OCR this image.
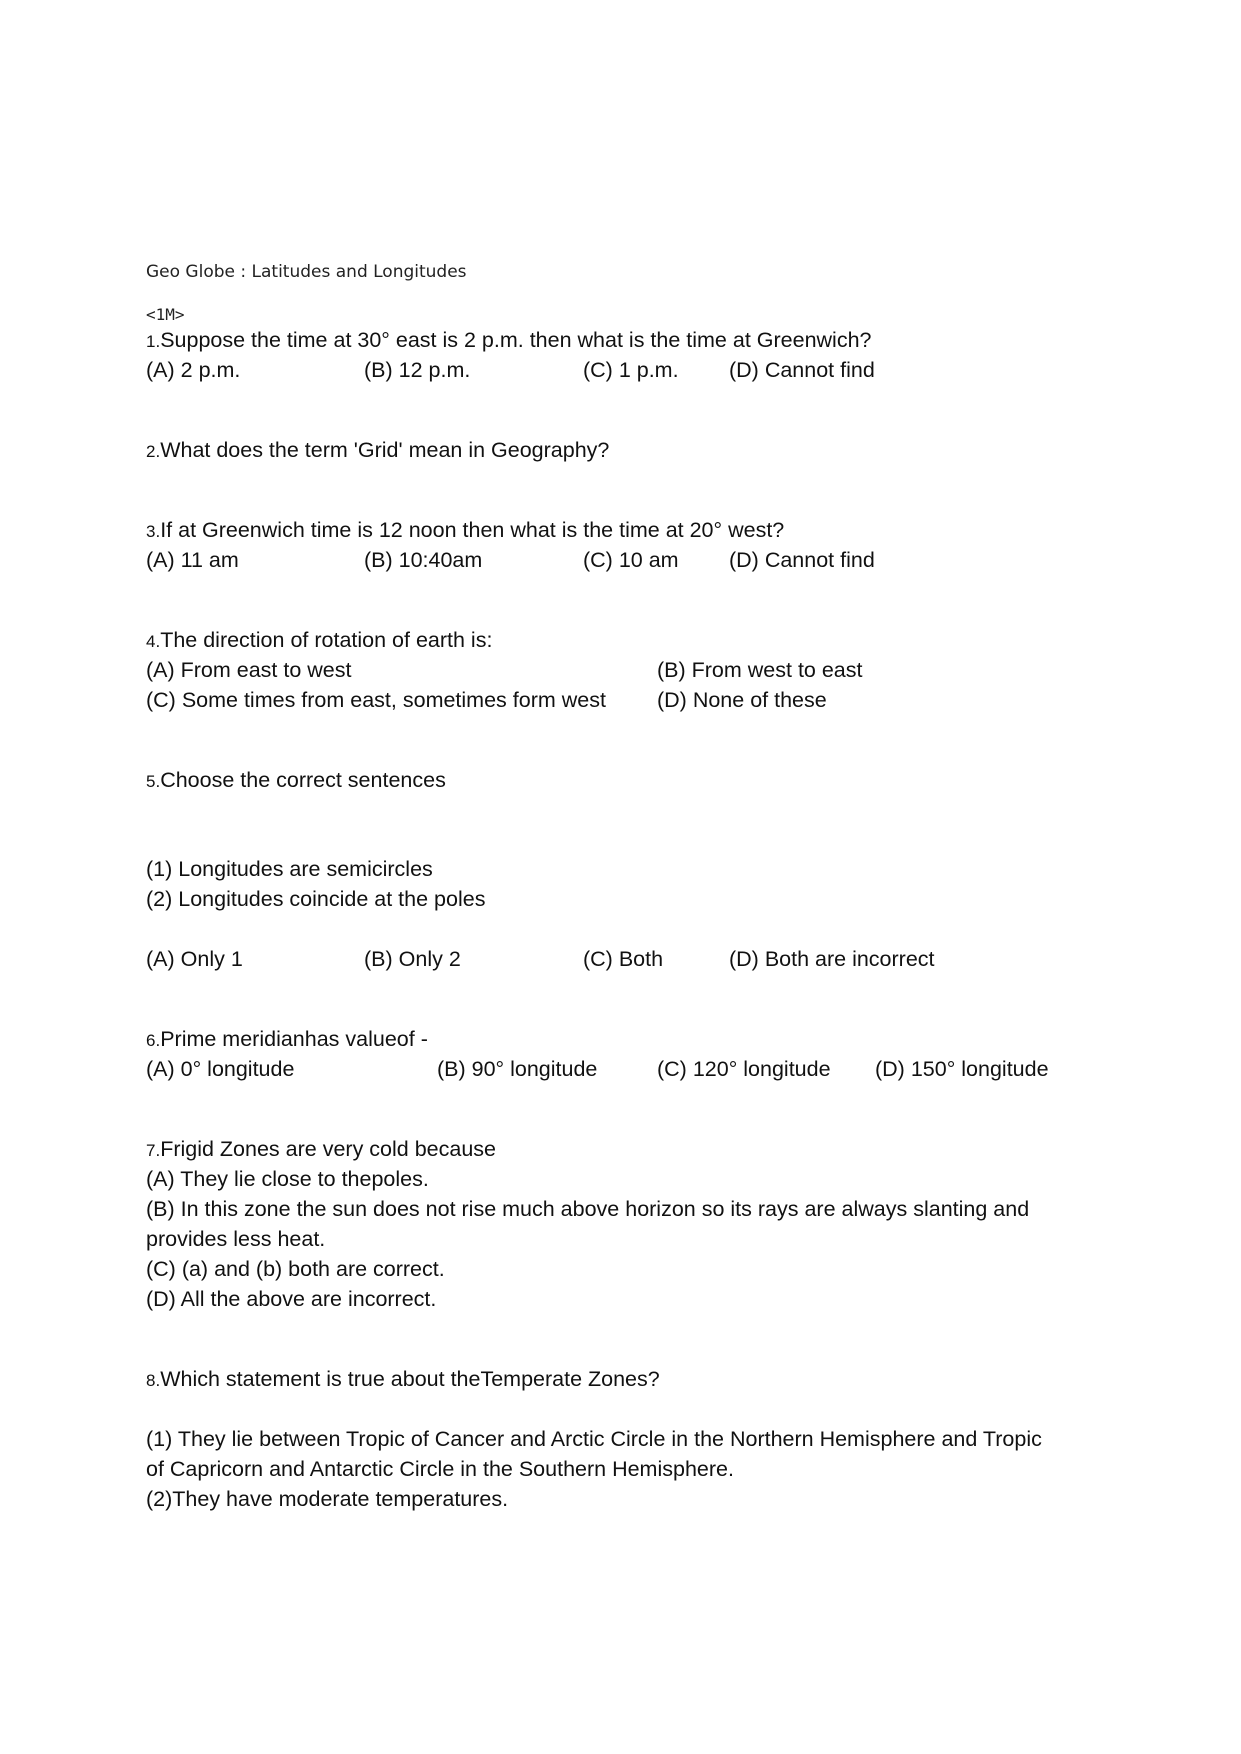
Geo Globe : Latitudes and Longitudes
<1M>
1.Suppose the time at 30° east is 2 p.m. then what is the time at Greenwich?
(A) 2 p.m.	(B) 12 p.m.	(C) 1 p.m. (D) Cannot find
2.What does the term 'Grid' mean in Geography?
3.If at Greenwich time is 12 noon then what is the time at 20° west?
(A) 11 am	(B) 10:40am	(C) 10 am (D) Cannot find
4.The direction of rotation of earth is:
(A) From east to west	(B) From west to east
(C) Some times from east, sometimes form west (D) None of these
5.Choose the correct sentences
(1) Longitudes are semicircles
(2) Longitudes coincide at the poles
(A) Only 1	(B) Only 2	(C) Both	(D) Both are incorrect
6.Prime meridianhas valueof -
(A) 0° longitude	(B) 90° longitude	(C) 120° longitude (D) 150° longitude
7.Frigid Zones are very cold because
(A) They lie close to thepoles.
(B) In this zone the sun does not rise much above horizon so its rays are always slanting and
provides less heat.
(C) (a) and (b) both are correct.
(D) All the above are incorrect.
8.Which statement is true about theTemperate Zones?
(1) They lie between Tropic of Cancer and Arctic Circle in the Northern Hemisphere and Tropic
of Capricorn and Antarctic Circle in the Southern Hemisphere.
(2)They have moderate temperatures.
